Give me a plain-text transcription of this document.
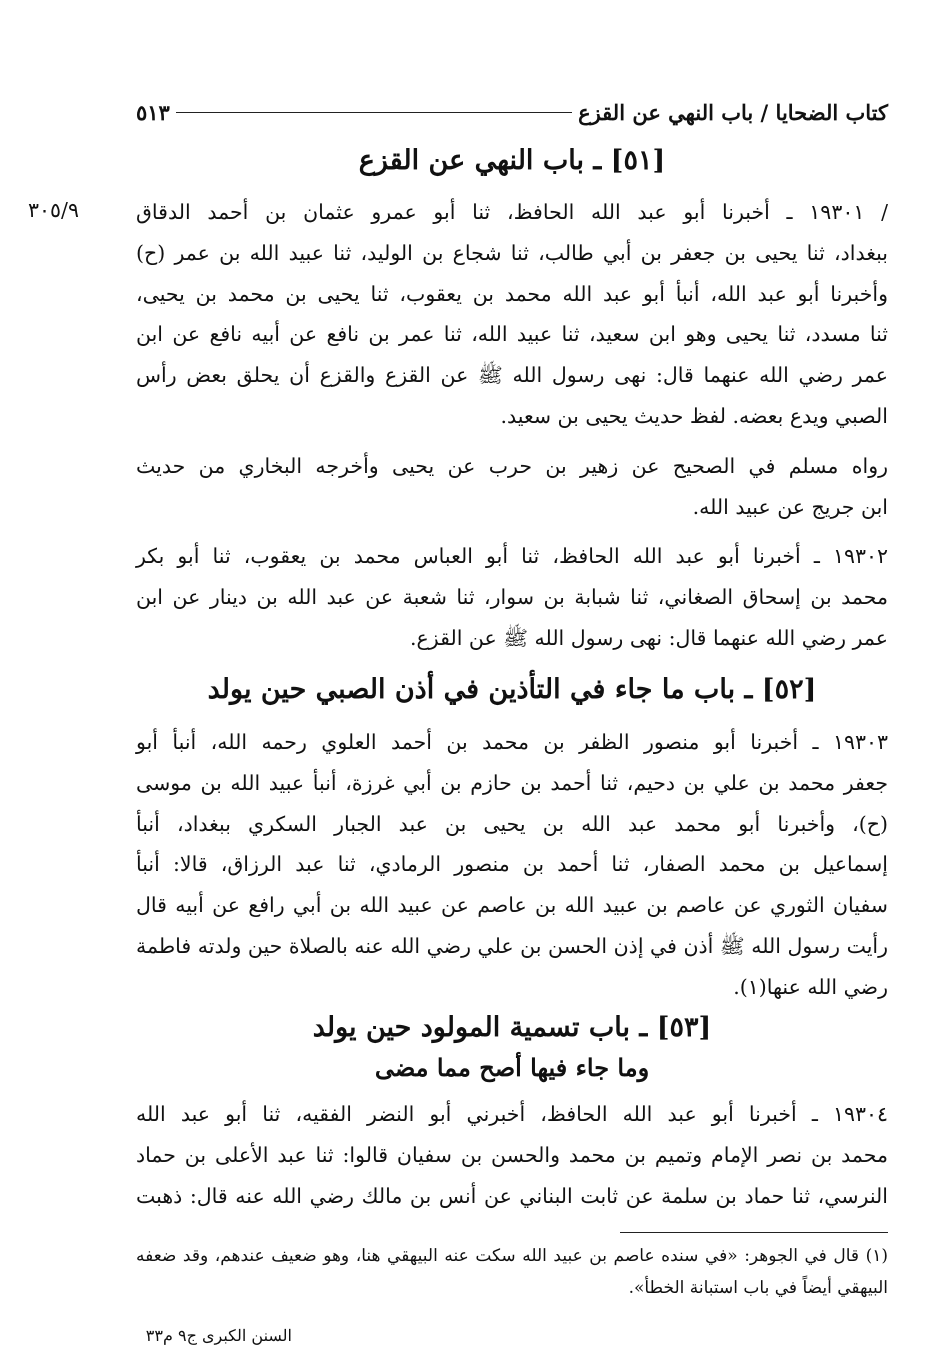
كتاب الضحايا / باب النهي عن القزع
٥١٣
٣٠٥/٩
[٥١] ـ باب النهي عن القزع
/ ١٩٣٠١ ـ أخبرنا أبو عبد الله الحافظ، ثنا أبو عمرو عثمان بن أحمد الدقاق
ببغداد، ثنا يحيى بن جعفر بن أبي طالب، ثنا شجاع بن الوليد، ثنا عبيد الله بن عمر (ح)
وأخبرنا أبو عبد الله، أنبأ أبو عبد الله محمد بن يعقوب، ثنا يحيى بن محمد بن يحيى،
ثنا مسدد، ثنا يحيى وهو ابن سعيد، ثنا عبيد الله، ثنا عمر بن نافع عن أبيه نافع عن ابن
عمر رضي الله عنهما قال: نهى رسول الله ﷺ عن القزع والقزع أن يحلق بعض رأس
الصبي ويدع بعضه. لفظ حديث يحيى بن سعيد.
رواه مسلم في الصحيح عن زهير بن حرب عن يحيى وأخرجه البخاري من حديث
ابن جريج عن عبيد الله.
١٩٣٠٢ ـ أخبرنا أبو عبد الله الحافظ، ثنا أبو العباس محمد بن يعقوب، ثنا أبو بكر
محمد بن إسحاق الصغاني، ثنا شبابة بن سوار، ثنا شعبة عن عبد الله بن دينار عن ابن
عمر رضي الله عنهما قال: نهى رسول الله ﷺ عن القزع.
[٥٢] ـ باب ما جاء في التأذين في أذن الصبي حين يولد
١٩٣٠٣ ـ أخبرنا أبو منصور الظفر بن محمد بن أحمد العلوي رحمه الله، أنبأ أبو
جعفر محمد بن علي بن دحيم، ثنا أحمد بن حازم بن أبي غرزة، أنبأ عبيد الله بن موسى
(ح)، وأخبرنا أبو محمد عبد الله بن يحيى بن عبد الجبار السكري ببغداد، أنبأ
إسماعيل بن محمد الصفار، ثنا أحمد بن منصور الرمادي، ثنا عبد الرزاق، قالا: أنبأ
سفيان الثوري عن عاصم بن عبيد الله بن عاصم عن عبيد الله بن أبي رافع عن أبيه قال
رأيت رسول الله ﷺ أذن في إذن الحسن بن علي رضي الله عنه بالصلاة حين ولدته فاطمة
رضي الله عنها(١).
[٥٣] ـ باب تسمية المولود حين يولد
وما جاء فيها أصح مما مضى
١٩٣٠٤ ـ أخبرنا أبو عبد الله الحافظ، أخبرني أبو النضر الفقيه، ثنا أبو عبد الله
محمد بن نصر الإمام وتميم بن محمد والحسن بن سفيان قالوا: ثنا عبد الأعلى بن حماد
النرسي، ثنا حماد بن سلمة عن ثابت البناني عن أنس بن مالك رضي الله عنه قال: ذهبت
(١) قال في الجوهر: «في سنده عاصم بن عبيد الله سكت عنه البيهقي هنا، وهو ضعيف عندهم، وقد ضعفه
البيهقي أيضاً في باب استبانة الخطأ».
السنن الكبرى ج٩ م٣٣
